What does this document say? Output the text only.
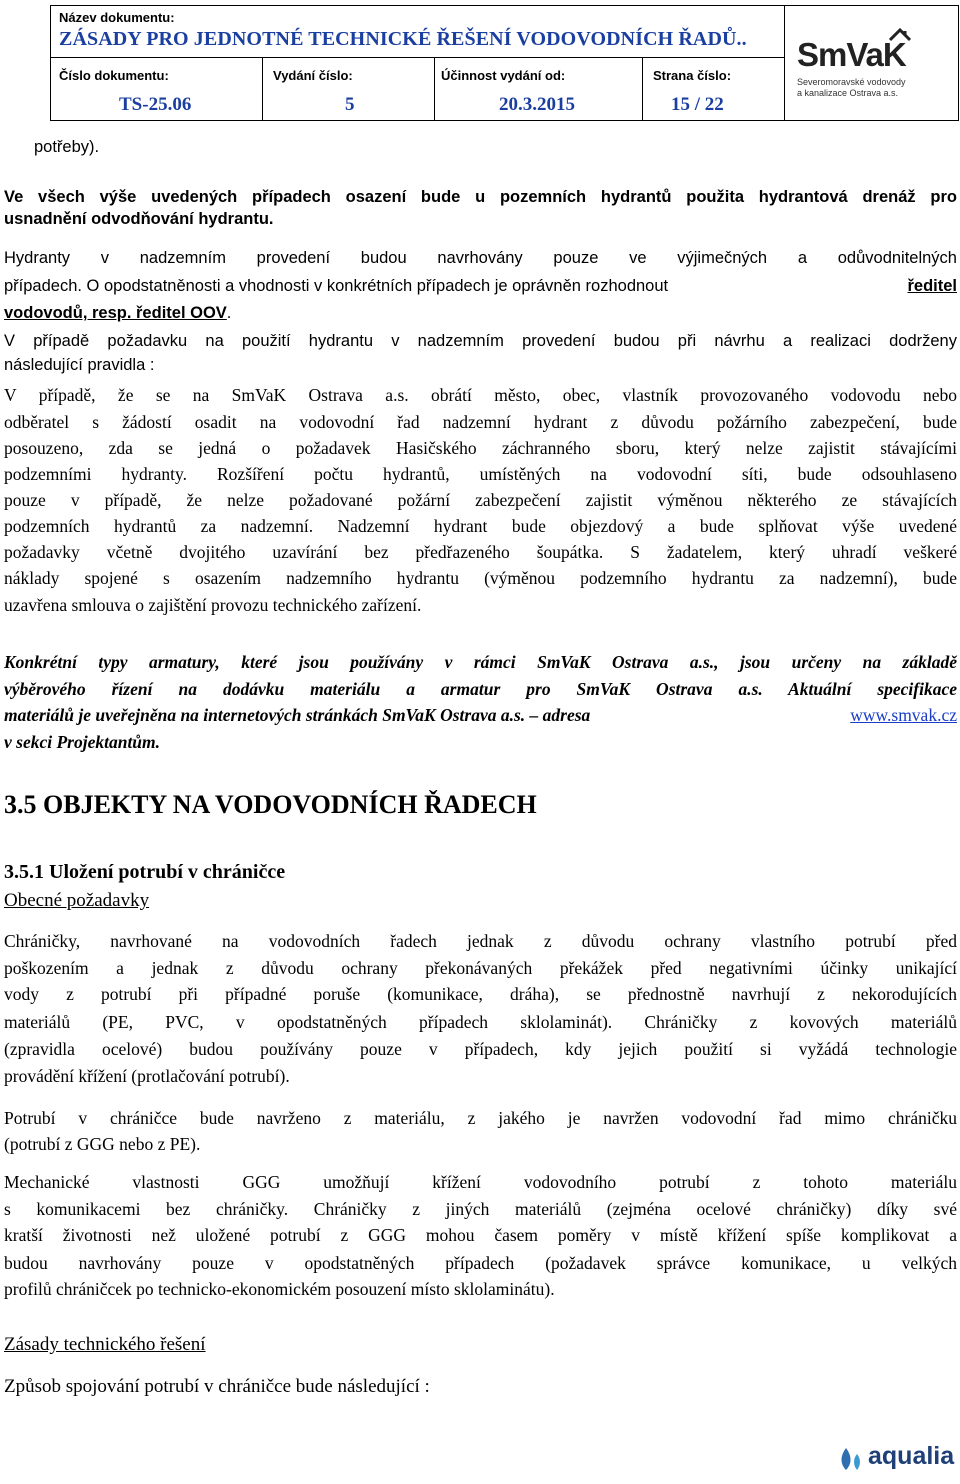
Název dokumentu:
ZÁSADY PRO JEDNOTNÉ TECHNICKÉ ŘEŠENÍ VODOVODNÍCH ŘADŮ..
Číslo dokumentu:
TS-25.06
Vydání číslo:
5
Účinnost vydání od:
20.3.2015
Strana číslo:
15 / 22
SmVaK
Severomoravské vodovody
a kanalizace Ostrava a.s.
potřeby).
Ve všech výše uvedených případech osazení bude u pozemních hydrantů použita hydrantová drenáž pro
usnadnění odvodňování hydrantu.
Hydranty v nadzemním provedení budou navrhovány pouze ve výjimečných a odůvodnitelných
případech. O opodstatněnosti a vhodnosti v konkrétních případech je oprávněn rozhodnout	ředitel
vodovodů, resp. ředitel OOV.
V případě požadavku na použití hydrantu v nadzemním provedení budou při návrhu a realizaci dodrženy
následující pravidla :
V případě, že se na SmVaK Ostrava a.s. obrátí město, obec, vlastník provozovaného vodovodu nebo
odběratel s žádostí osadit na vodovodní řad nadzemní hydrant z důvodu požárního zabezpečení, bude
posouzeno, zda se jedná o požadavek Hasičského záchranného sboru, který nelze zajistit stávajícími
podzemními hydranty. Rozšíření počtu hydrantů, umístěných na vodovodní síti, bude odsouhlaseno
pouze v případě, že nelze požadované požární zabezpečení zajistit výměnou některého ze stávajících
podzemních hydrantů za nadzemní. Nadzemní hydrant bude objezdový a bude splňovat výše uvedené
požadavky včetně dvojitého uzavírání bez předřazeného šoupátka. S žadatelem, který uhradí veškeré
náklady spojené s osazením nadzemního hydrantu (výměnou podzemního hydrantu za nadzemní), bude
uzavřena smlouva o zajištění provozu technického zařízení.
Konkrétní typy armatury, které jsou používány v rámci SmVaK Ostrava a.s., jsou určeny na základě
výběrového řízení na dodávku materiálu a armatur pro SmVaK Ostrava a.s. Aktuální specifikace
materiálů je uveřejněna na internetových stránkách SmVaK Ostrava a.s. – adresa	www.smvak.cz
v sekci Projektantům.
3.5 OBJEKTY NA VODOVODNÍCH ŘADECH
3.5.1 Uložení potrubí v chráničce
Obecné požadavky
Chráničky, navrhované na vodovodních řadech jednak z důvodu ochrany vlastního potrubí před
poškozením a jednak z důvodu ochrany překonávaných překážek před negativními účinky unikající
vody z potrubí při případné poruše (komunikace, dráha), se přednostně navrhují z nekorodujících
materiálů (PE, PVC, v opodstatněných případech sklolaminát). Chráničky z kovových materiálů
(zpravidla ocelové) budou používány pouze v případech, kdy jejich použití si vyžádá technologie
provádění křížení (protlačování potrubí).
Potrubí v chráničce bude navrženo z materiálu, z jakého je navržen vodovodní řad mimo chráničku
(potrubí z GGG nebo z PE).
Mechanické vlastnosti GGG umožňují křížení vodovodního potrubí z tohoto materiálu
s komunikacemi bez chráničky. Chráničky z jiných materiálů (zejména ocelové chráničky) díky své
kratší životnosti než uložené potrubí z GGG mohou časem poměry v místě křížení spíše komplikovat a
budou navrhovány pouze v opodstatněných případech (požadavek správce komunikace, u velkých
profilů chráničcek po technicko-ekonomickém posouzení místo sklolaminátu).
Zásady technického řešení
Způsob spojování potrubí v chráničce bude následující :
aqualia
